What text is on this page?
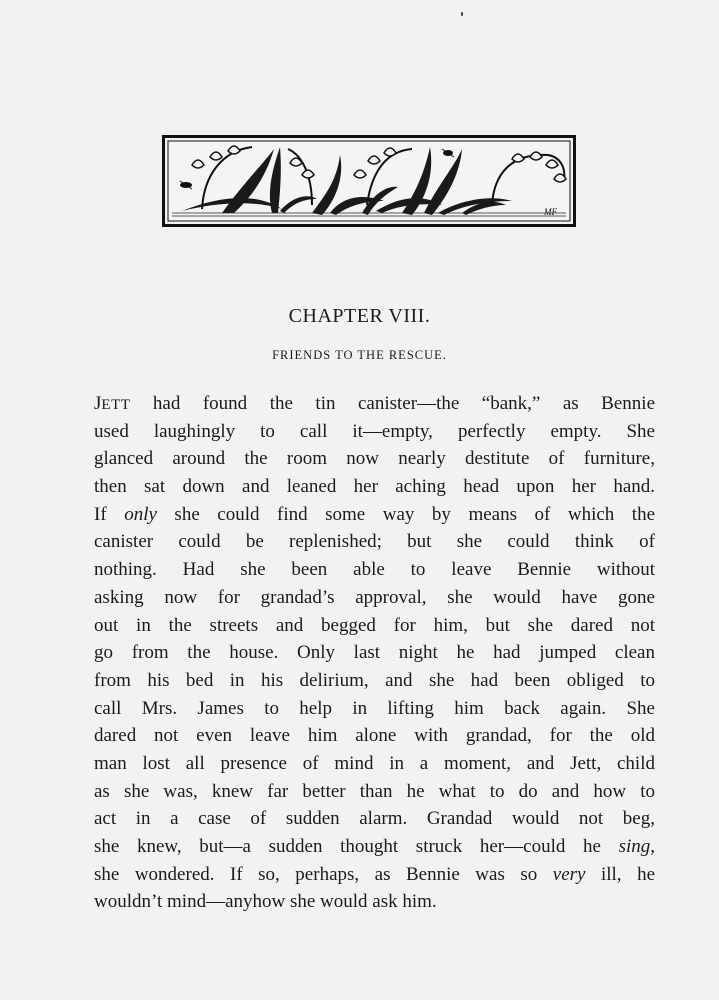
MF
CHAPTER VIII.
FRIENDS TO THE RESCUE.
JETT had found the tin canister—the “bank,” as Bennie
used laughingly to call it—empty, perfectly empty. She
glanced around the room now nearly destitute of furniture,
then sat down and leaned her aching head upon her hand.
If only she could find some way by means of which the
canister could be replenished; but she could think of
nothing. Had she been able to leave Bennie without
asking now for grandad’s approval, she would have gone
out in the streets and begged for him, but she dared not
go from the house. Only last night he had jumped clean
from his bed in his delirium, and she had been obliged to
call Mrs. James to help in lifting him back again. She
dared not even leave him alone with grandad, for the old
man lost all presence of mind in a moment, and Jett, child
as she was, knew far better than he what to do and how to
act in a case of sudden alarm. Grandad would not beg,
she knew, but—a sudden thought struck her—could he sing,
she wondered. If so, perhaps, as Bennie was so very ill, he
wouldn’t mind—anyhow she would ask him.
